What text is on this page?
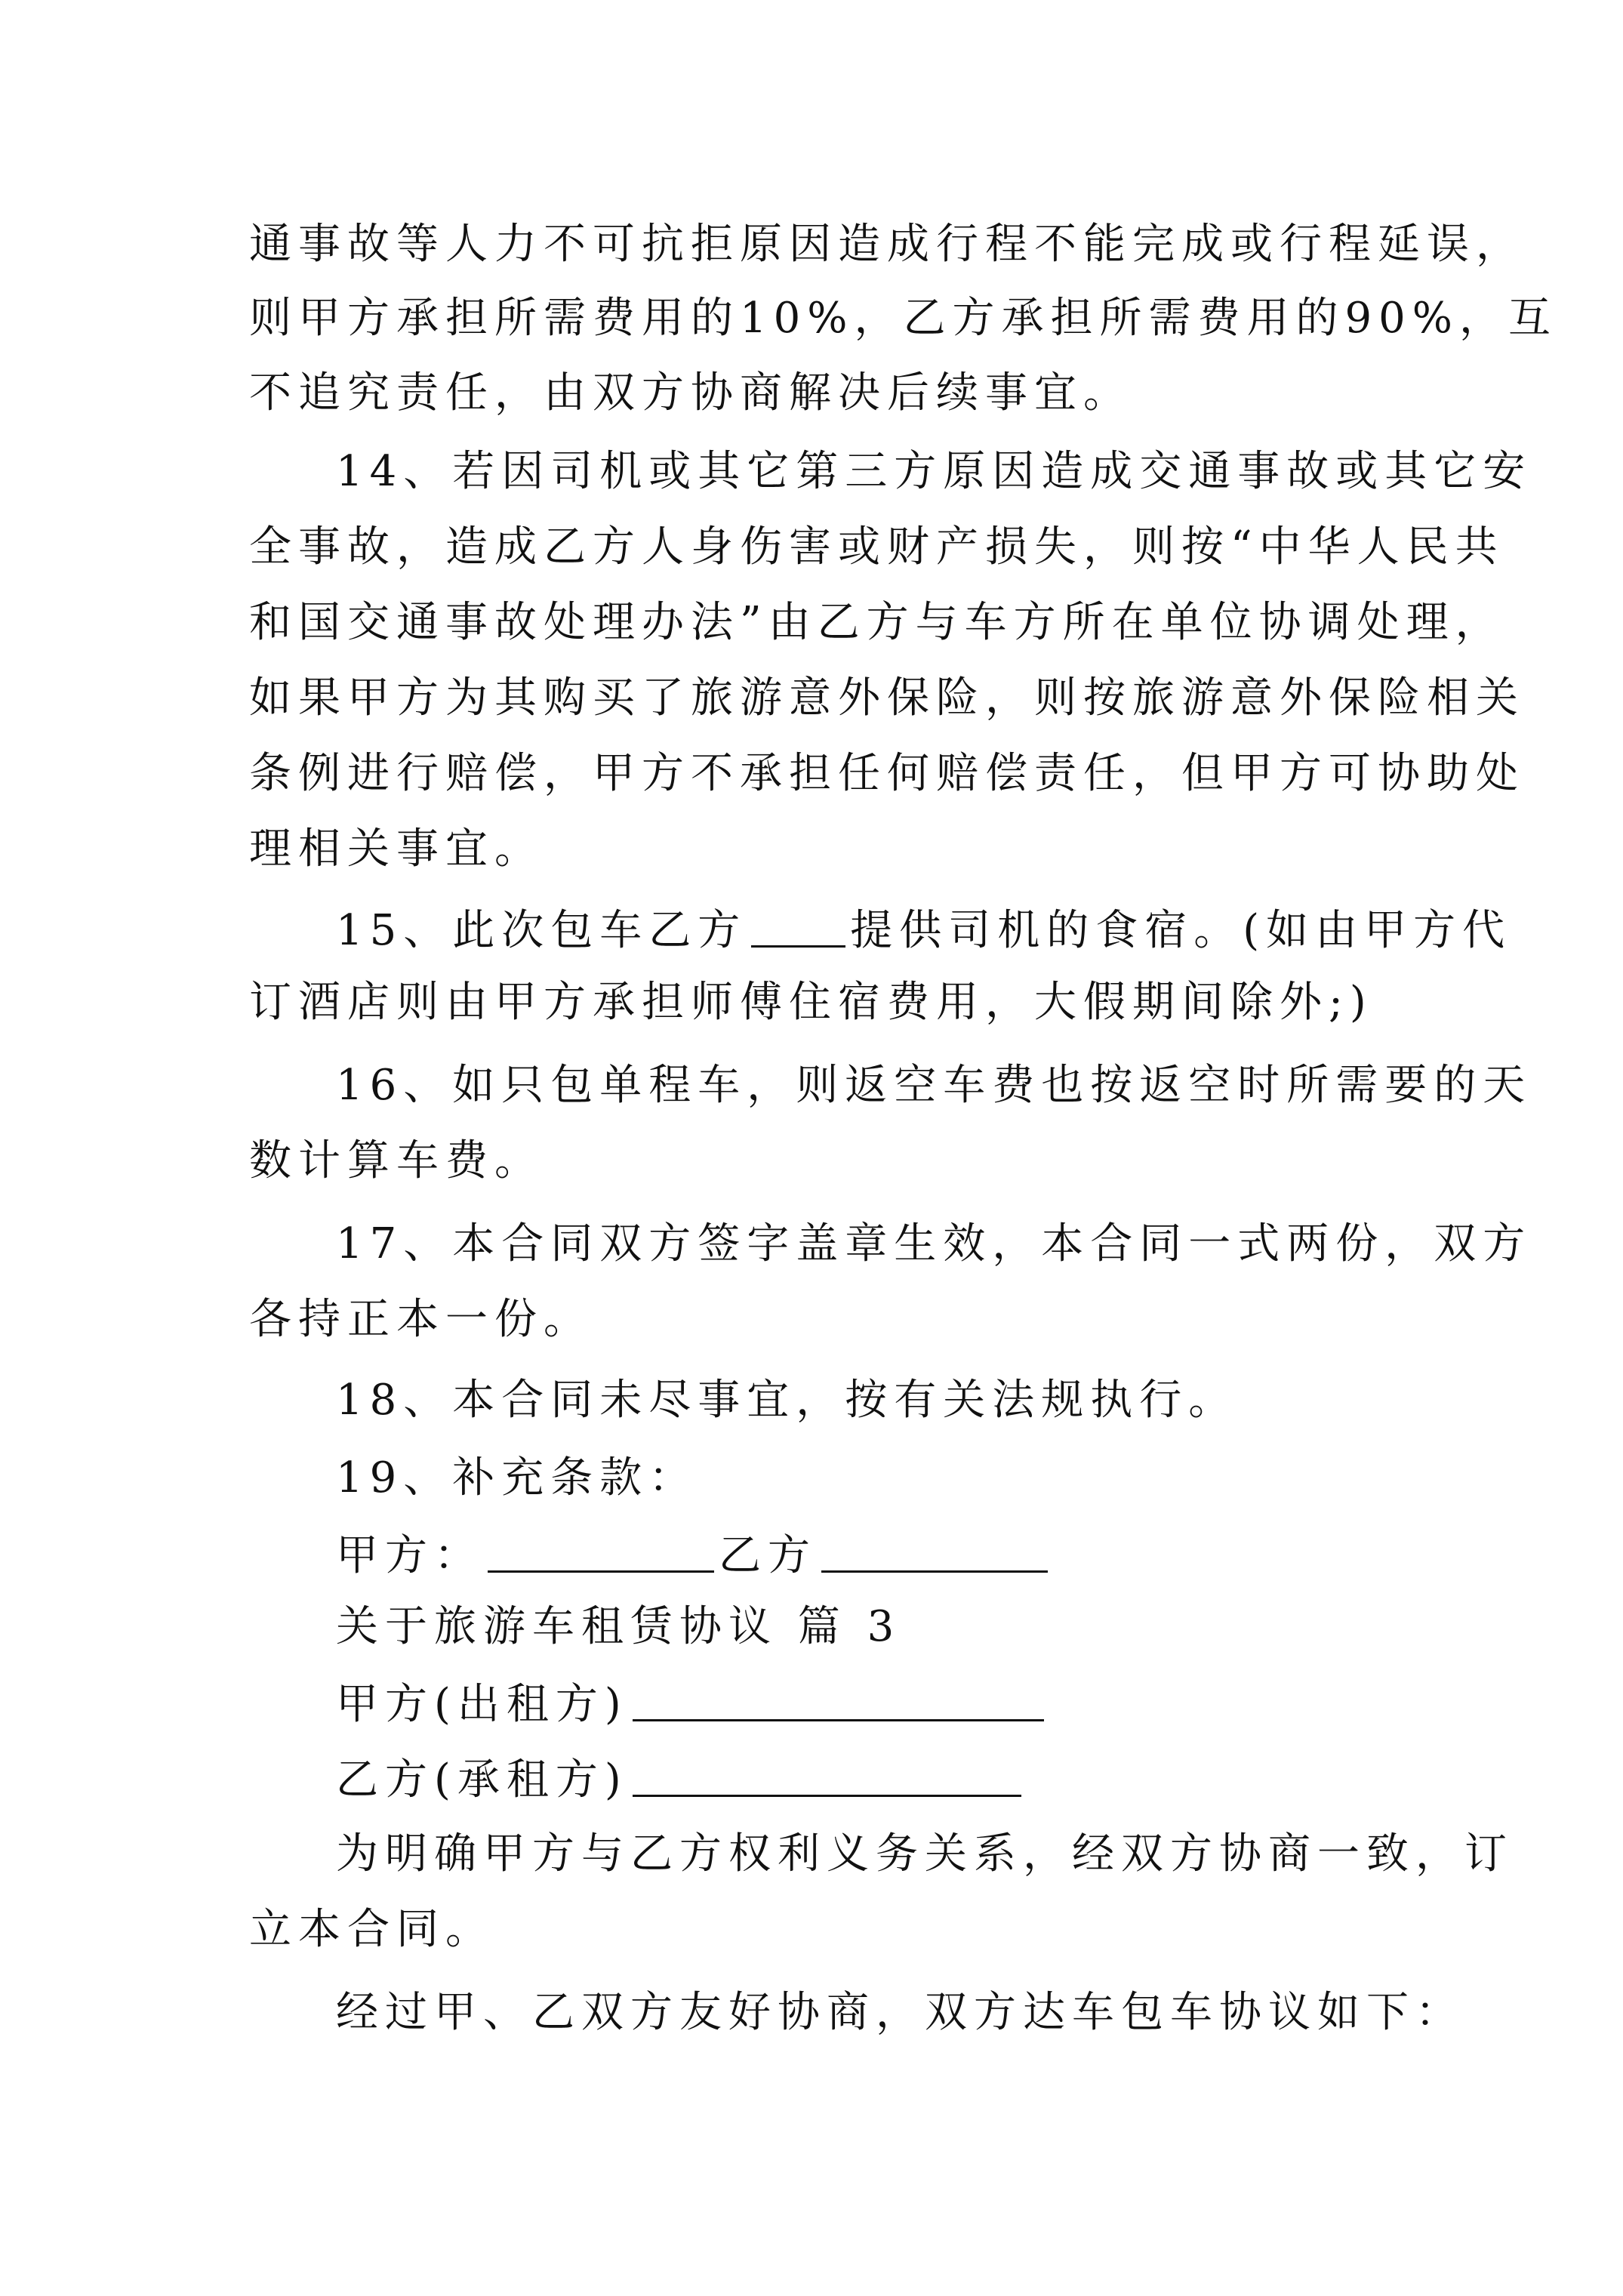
通事故等人力不可抗拒原因造成行程不能完成或行程延误，
则甲方承担所需费用的10%，乙方承担所需费用的90%，互
不追究责任，由双方协商解决后续事宜。
14、若因司机或其它第三方原因造成交通事故或其它安
全事故，造成乙方人身伤害或财产损失，则按“中华人民共
和国交通事故处理办法”由乙方与车方所在单位协调处理，
如果甲方为其购买了旅游意外保险，则按旅游意外保险相关
条例进行赔偿，甲方不承担任何赔偿责任，但甲方可协助处
理相关事宜。
15、此次包车乙方 提供司机的食宿。(如由甲方代
订酒店则由甲方承担师傅住宿费用，大假期间除外;)
16、如只包单程车，则返空车费也按返空时所需要的天
数计算车费。
17、本合同双方签字盖章生效，本合同一式两份，双方
各持正本一份。
18、本合同未尽事宜，按有关法规执行。
19、补充条款：
甲方：	乙方
关于旅游车租赁协议 篇 3
甲方(出租方)
乙方(承租方)
为明确甲方与乙方权利义务关系，经双方协商一致，订
立本合同。
经过甲、乙双方友好协商，双方达车包车协议如下：
